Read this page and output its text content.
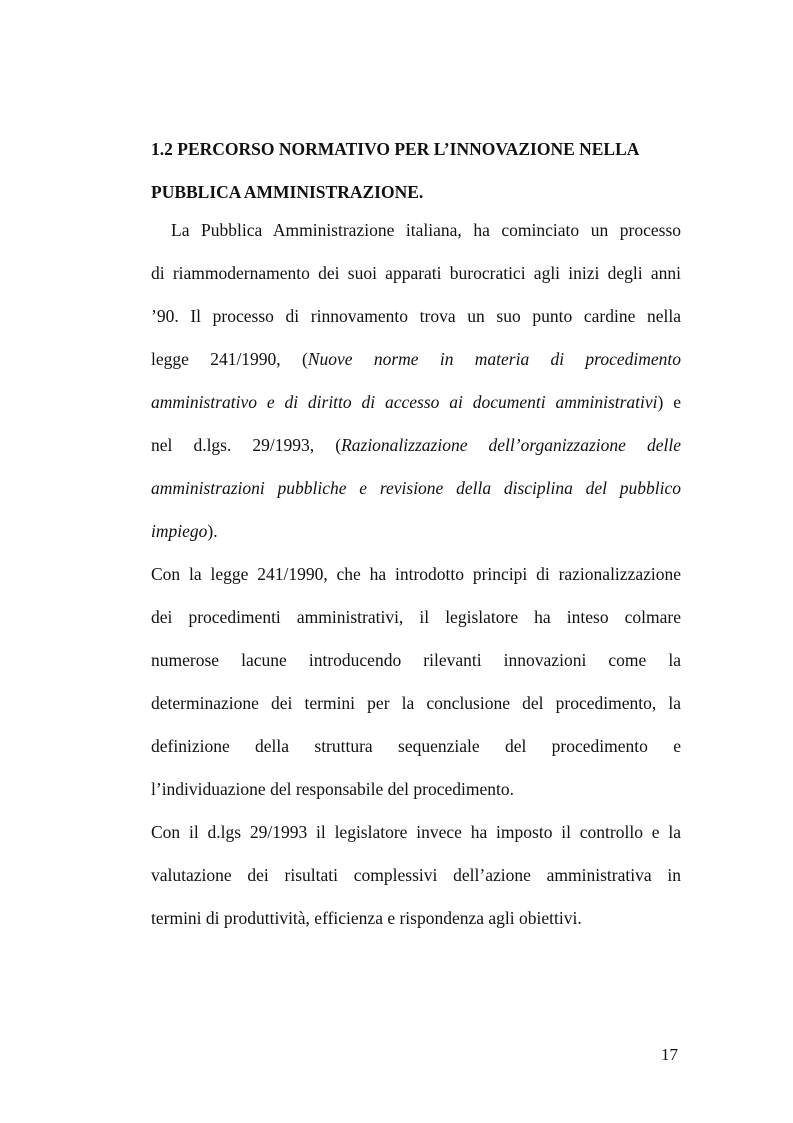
1.2 PERCORSO NORMATIVO PER L’INNOVAZIONE NELLA
PUBBLICA AMMINISTRAZIONE.
La Pubblica Amministrazione italiana, ha cominciato un processo
di riammodernamento dei suoi apparati burocratici agli inizi degli anni
’90. Il processo di rinnovamento trova un suo punto cardine nella
legge 241/1990, (Nuove norme in materia di procedimento
amministrativo e di diritto di accesso ai documenti amministrativi) e
nel d.lgs. 29/1993, (Razionalizzazione dell’organizzazione delle
amministrazioni pubbliche e revisione della disciplina del pubblico
impiego).
Con la legge 241/1990, che ha introdotto principi di razionalizzazione
dei procedimenti amministrativi, il legislatore ha inteso colmare
numerose lacune introducendo rilevanti innovazioni come la
determinazione dei termini per la conclusione del procedimento, la
definizione della struttura sequenziale del procedimento e
l’individuazione del responsabile del procedimento.
Con il d.lgs 29/1993 il legislatore invece ha imposto il controllo e la
valutazione dei risultati complessivi dell’azione amministrativa in
termini di produttività, efficienza e rispondenza agli obiettivi.
17
